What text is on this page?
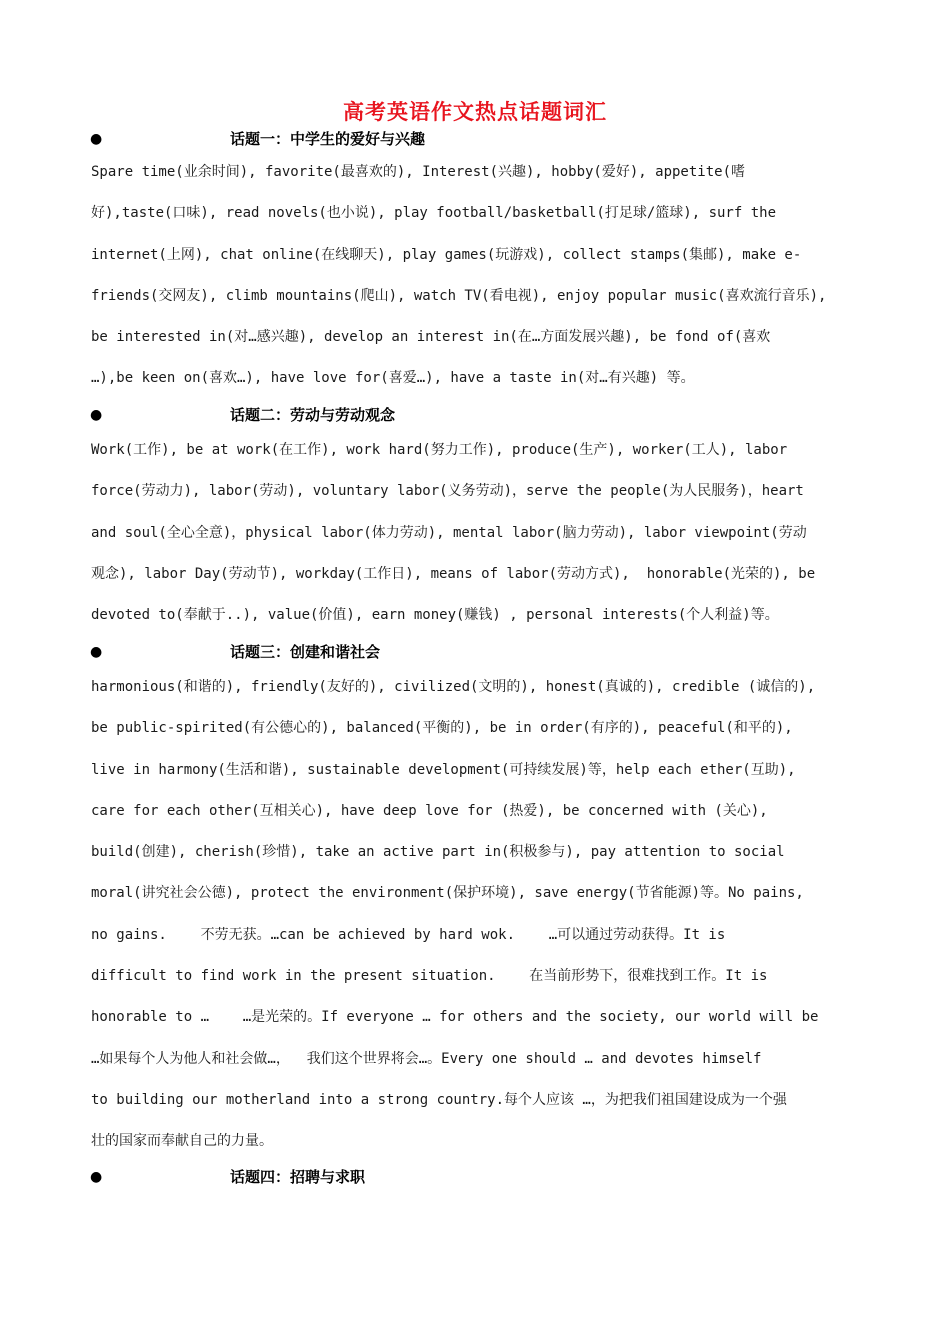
高考英语作文热点话题词汇
●	话题一：中学生的爱好与兴趣
Spare time(业余时间), favorite(最喜欢的), Interest(兴趣), hobby(爱好), appetite(嗜
好),taste(口味), read novels(也小说), play football/basketball(打足球/篮球), surf the
internet(上网), chat online(在线聊天), play games(玩游戏), collect stamps(集邮), make e-
friends(交网友), climb mountains(爬山), watch TV(看电视), enjoy popular music(喜欢流行音乐),
be interested in(对…感兴趣), develop an interest in(在…方面发展兴趣), be fond of(喜欢
…),be keen on(喜欢…), have love for(喜爱…), have a taste in(对…有兴趣) 等。
●	话题二：劳动与劳动观念
Work(工作), be at work(在工作), work hard(努力工作), produce(生产), worker(工人), labor
force(劳动力), labor(劳动), voluntary labor(义务劳动)，serve the people(为人民服务)，heart
and soul(全心全意)，physical labor(体力劳动), mental labor(脑力劳动), labor viewpoint(劳动
观念), labor Day(劳动节), workday(工作日), means of labor(劳动方式),  honorable(光荣的), be
devoted to(奉献于..), value(价值), earn money(赚钱) , personal interests(个人利益)等。
●	话题三：创建和谐社会
harmonious(和谐的), friendly(友好的), civilized(文明的), honest(真诚的), credible (诚信的),
be public-spirited(有公德心的), balanced(平衡的), be in order(有序的), peaceful(和平的),
live in harmony(生活和谐), sustainable development(可持续发展)等，help each ether(互助),
care for each other(互相关心), have deep love for (热爱), be concerned with (关心),
build(创建), cherish(珍惜), take an active part in(积极参与), pay attention to social
moral(讲究社会公德), protect the environment(保护环境), save energy(节省能源)等。No pains,
no gains.    不劳无获。…can be achieved by hard wok.    …可以通过劳动获得。It is
difficult to find work in the present situation.    在当前形势下，很难找到工作。It is
honorable to …    …是光荣的。If everyone … for others and the society, our world will be
…如果每个人为他人和社会做…，  我们这个世界将会…。Every one should … and devotes himself
to building our motherland into a strong country.每个人应该 …，为把我们祖国建设成为一个强
壮的国家而奉献自己的力量。
●	话题四：招聘与求职
